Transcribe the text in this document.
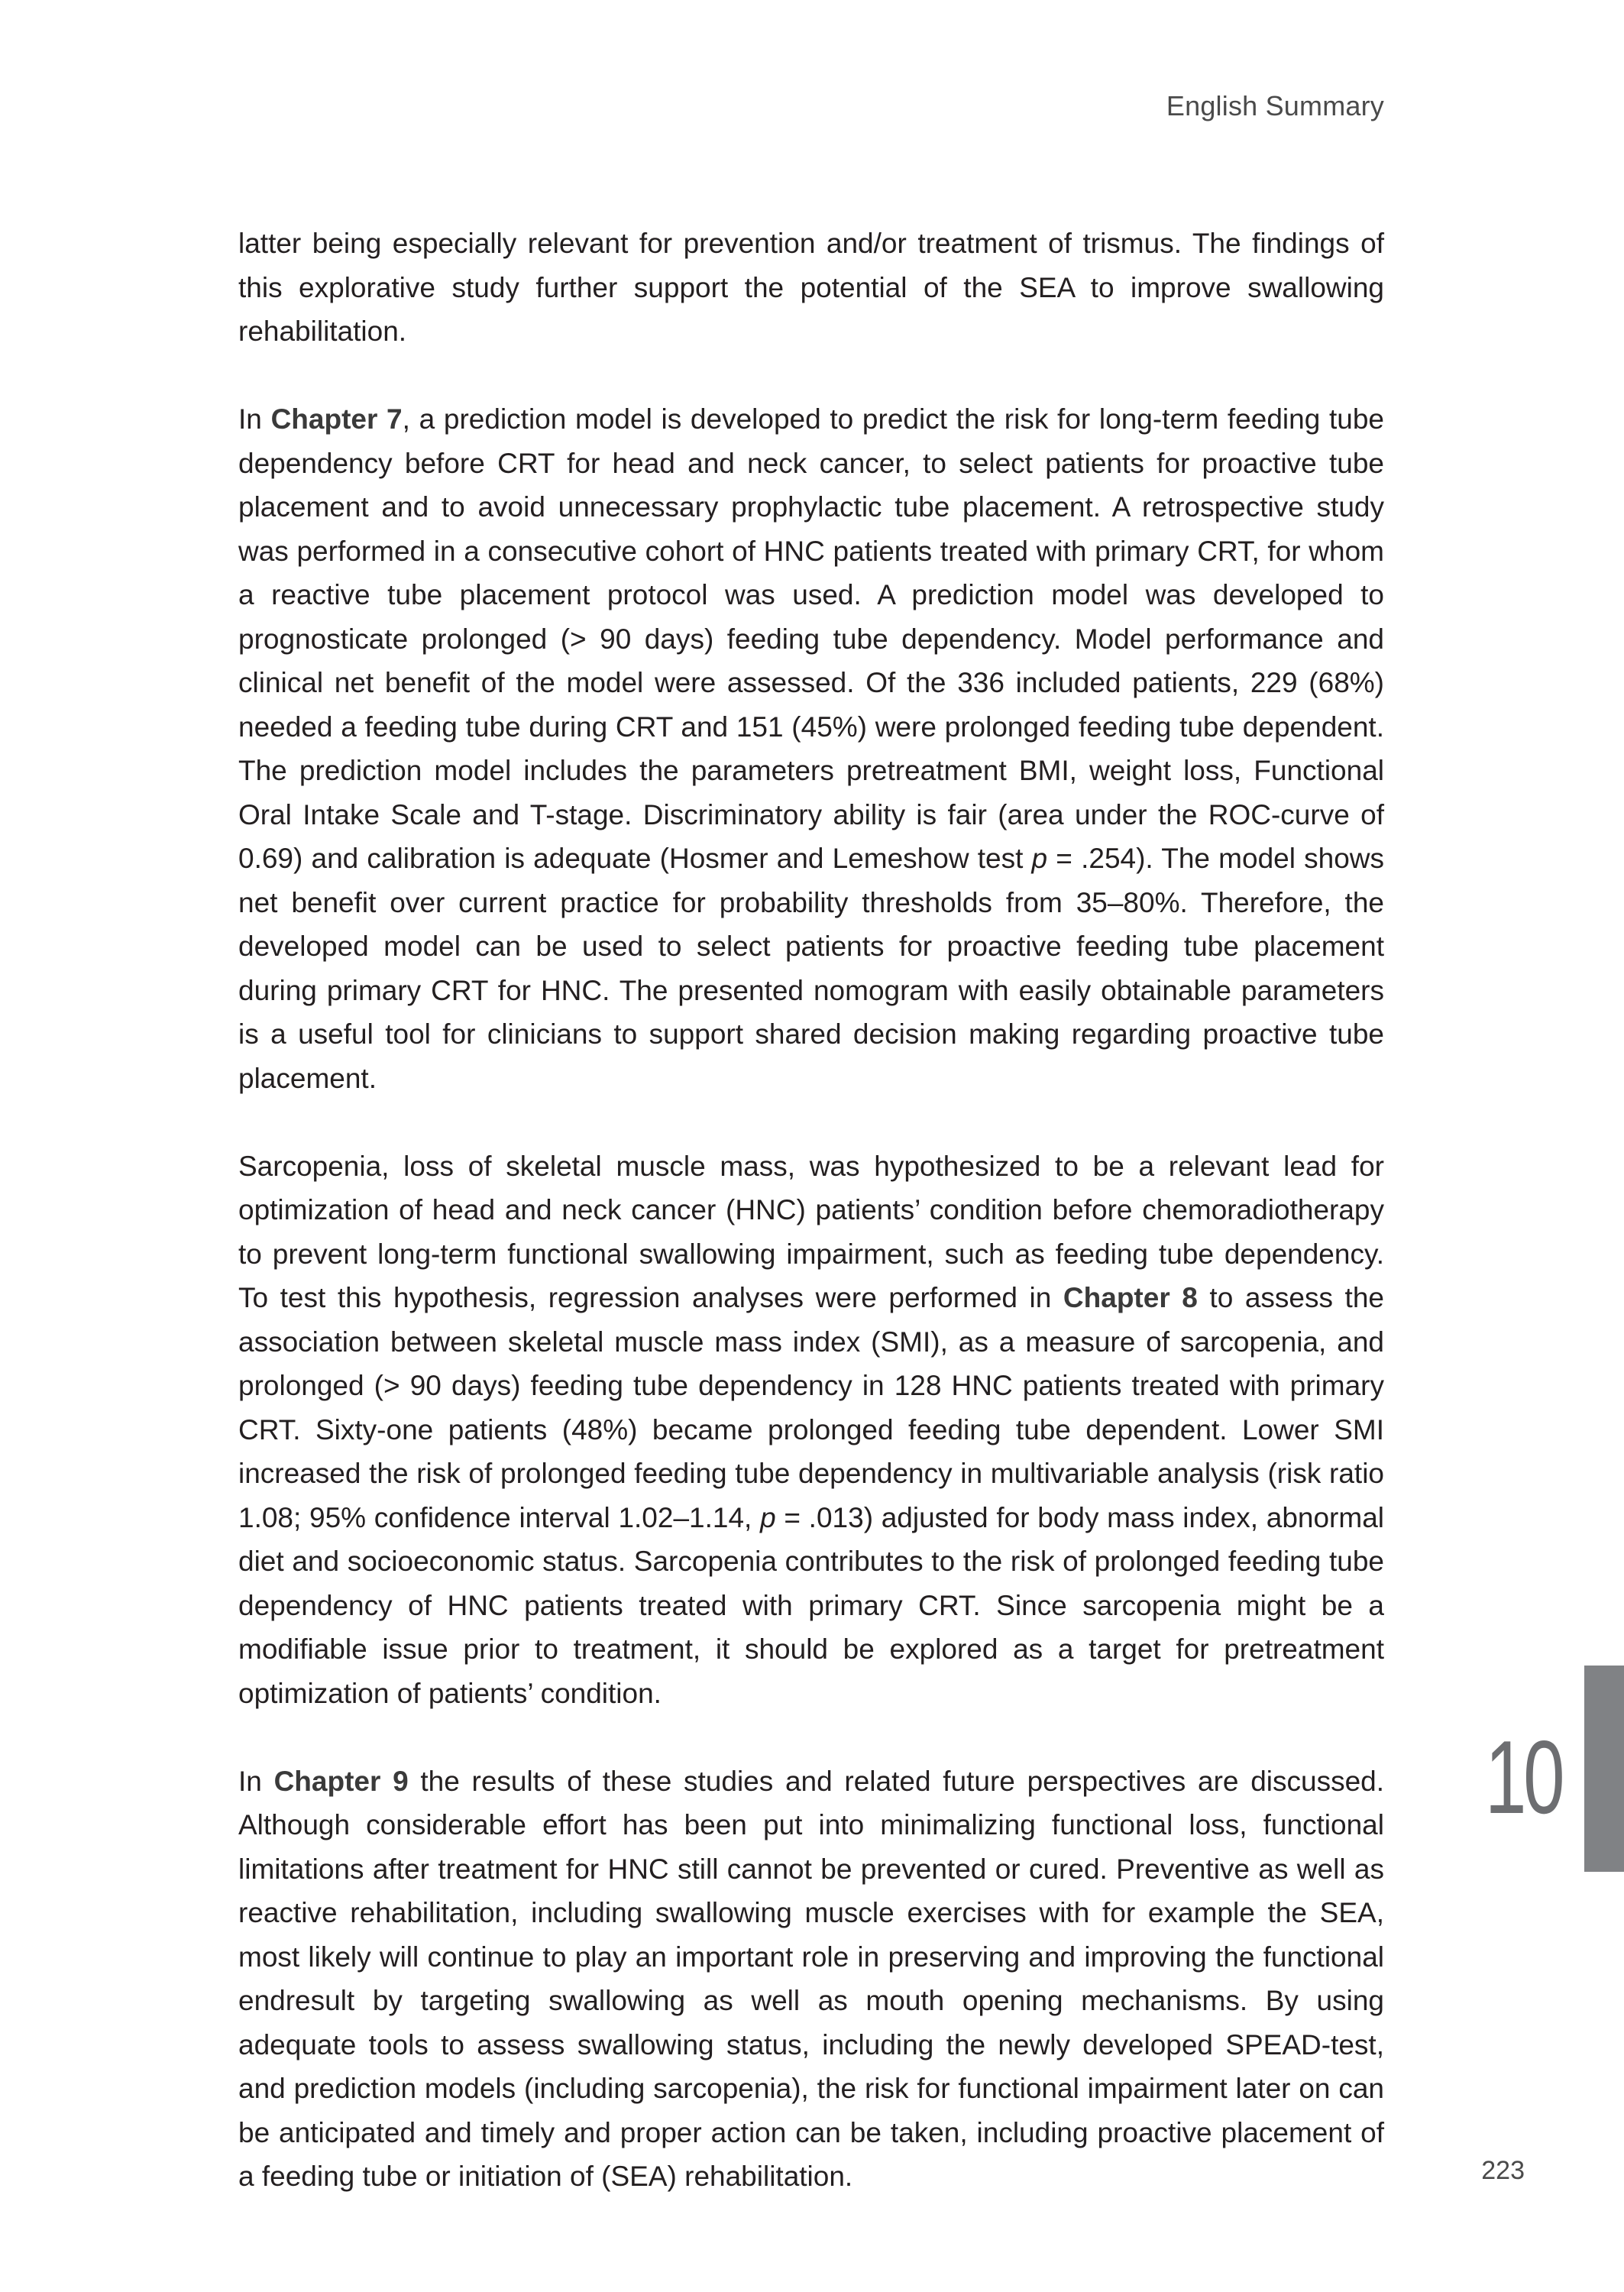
English Summary

latter being especially relevant for prevention and/or treatment of trismus. The findings of this explorative study further support the potential of the SEA to improve swallowing rehabilitation.

In Chapter 7, a prediction model is developed to predict the risk for long-term feeding tube dependency before CRT for head and neck cancer, to select patients for proactive tube placement and to avoid unnecessary prophylactic tube placement. A retrospective study was performed in a consecutive cohort of HNC patients treated with primary CRT, for whom a reactive tube placement protocol was used. A prediction model was developed to prognosticate prolonged (> 90 days) feeding tube dependency. Model performance and clinical net benefit of the model were assessed. Of the 336 included patients, 229 (68%) needed a feeding tube during CRT and 151 (45%) were prolonged feeding tube dependent. The prediction model includes the parameters pretreatment BMI, weight loss, Functional Oral Intake Scale and T-stage. Discriminatory ability is fair (area under the ROC-curve of 0.69) and calibration is adequate (Hosmer and Lemeshow test p = .254). The model shows net benefit over current practice for probability thresholds from 35–80%. Therefore, the developed model can be used to select patients for proactive feeding tube placement during primary CRT for HNC. The presented nomogram with easily obtainable parameters is a useful tool for clinicians to support shared decision making regarding proactive tube placement.

Sarcopenia, loss of skeletal muscle mass, was hypothesized to be a relevant lead for optimization of head and neck cancer (HNC) patients’ condition before chemoradiotherapy to prevent long-term functional swallowing impairment, such as feeding tube dependency. To test this hypothesis, regression analyses were performed in Chapter 8 to assess the association between skeletal muscle mass index (SMI), as a measure of sarcopenia, and prolonged (> 90 days) feeding tube dependency in 128 HNC patients treated with primary CRT. Sixty-one patients (48%) became prolonged feeding tube dependent. Lower SMI increased the risk of prolonged feeding tube dependency in multivariable analysis (risk ratio 1.08; 95% confidence interval 1.02–1.14, p = .013) adjusted for body mass index, abnormal diet and socioeconomic status. Sarcopenia contributes to the risk of prolonged feeding tube dependency of HNC patients treated with primary CRT. Since sarcopenia might be a modifiable issue prior to treatment, it should be explored as a target for pretreatment optimization of patients’ condition.

In Chapter 9 the results of these studies and related future perspectives are discussed. Although considerable effort has been put into minimalizing functional loss, functional limitations after treatment for HNC still cannot be prevented or cured. Preventive as well as reactive rehabilitation, including swallowing muscle exercises with for example the SEA, most likely will continue to play an important role in preserving and improving the functional endresult by targeting swallowing as well as mouth opening mechanisms. By using adequate tools to assess swallowing status, including the newly developed SPEAD-test, and prediction models (including sarcopenia), the risk for functional impairment later on can be anticipated and timely and proper action can be taken, including proactive placement of a feeding tube or initiation of (SEA) rehabilitation.

10
223
